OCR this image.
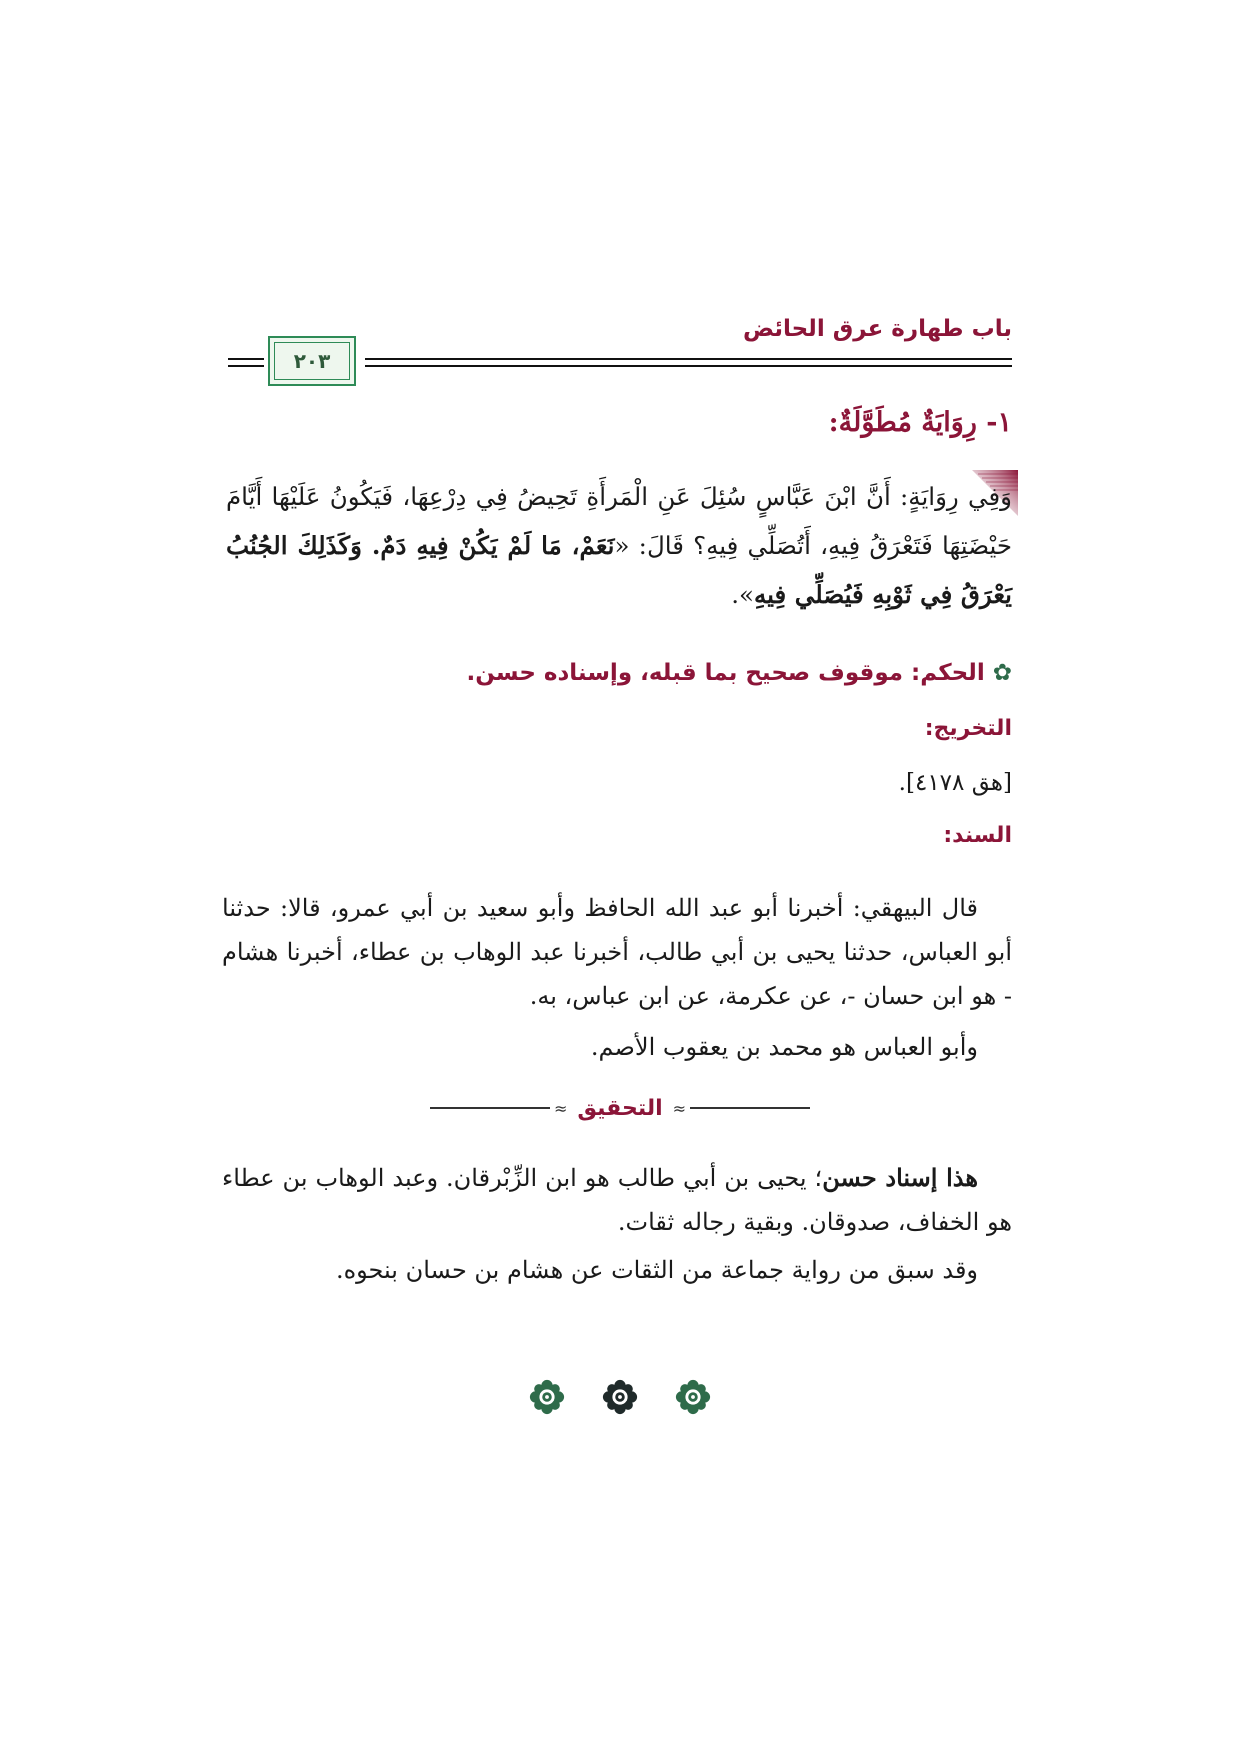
باب طهارة عرق الحائض
٢٠٣
١- رِوَايَةٌ مُطَوَّلَةٌ:
وَفِي رِوَايَةٍ: أَنَّ ابْنَ عَبَّاسٍ سُئِلَ عَنِ الْمَرأَةِ تَحِيضُ فِي دِرْعِهَا، فَيَكُونُ عَلَيْهَا أَيَّامَ حَيْضَتِهَا فَتَعْرَقُ فِيهِ، أَتُصَلِّي فِيهِ؟ قَالَ: «نَعَمْ، مَا لَمْ يَكُنْ فِيهِ دَمٌ. وَكَذَلِكَ الجُنُبُ يَعْرَقُ فِي ثَوْبِهِ فَيُصَلِّي فِيهِ».
✿الحكم: موقوف صحيح بما قبله، وإسناده حسن.
التخريج:
[هق ٤١٧٨].
السند:
قال البيهقي: أخبرنا أبو عبد الله الحافظ وأبو سعيد بن أبي عمرو، قالا: حدثنا أبو العباس، حدثنا يحيى بن أبي طالب، أخبرنا عبد الوهاب بن عطاء، أخبرنا هشام - هو ابن حسان -، عن عكرمة، عن ابن عباس، به.
وأبو العباس هو محمد بن يعقوب الأصم.
≈
التحقيق
≈
هذا إسناد حسن؛ يحيى بن أبي طالب هو ابن الزِّبْرقان. وعبد الوهاب بن عطاء هو الخفاف، صدوقان. وبقية رجاله ثقات.
وقد سبق من رواية جماعة من الثقات عن هشام بن حسان بنحوه.
